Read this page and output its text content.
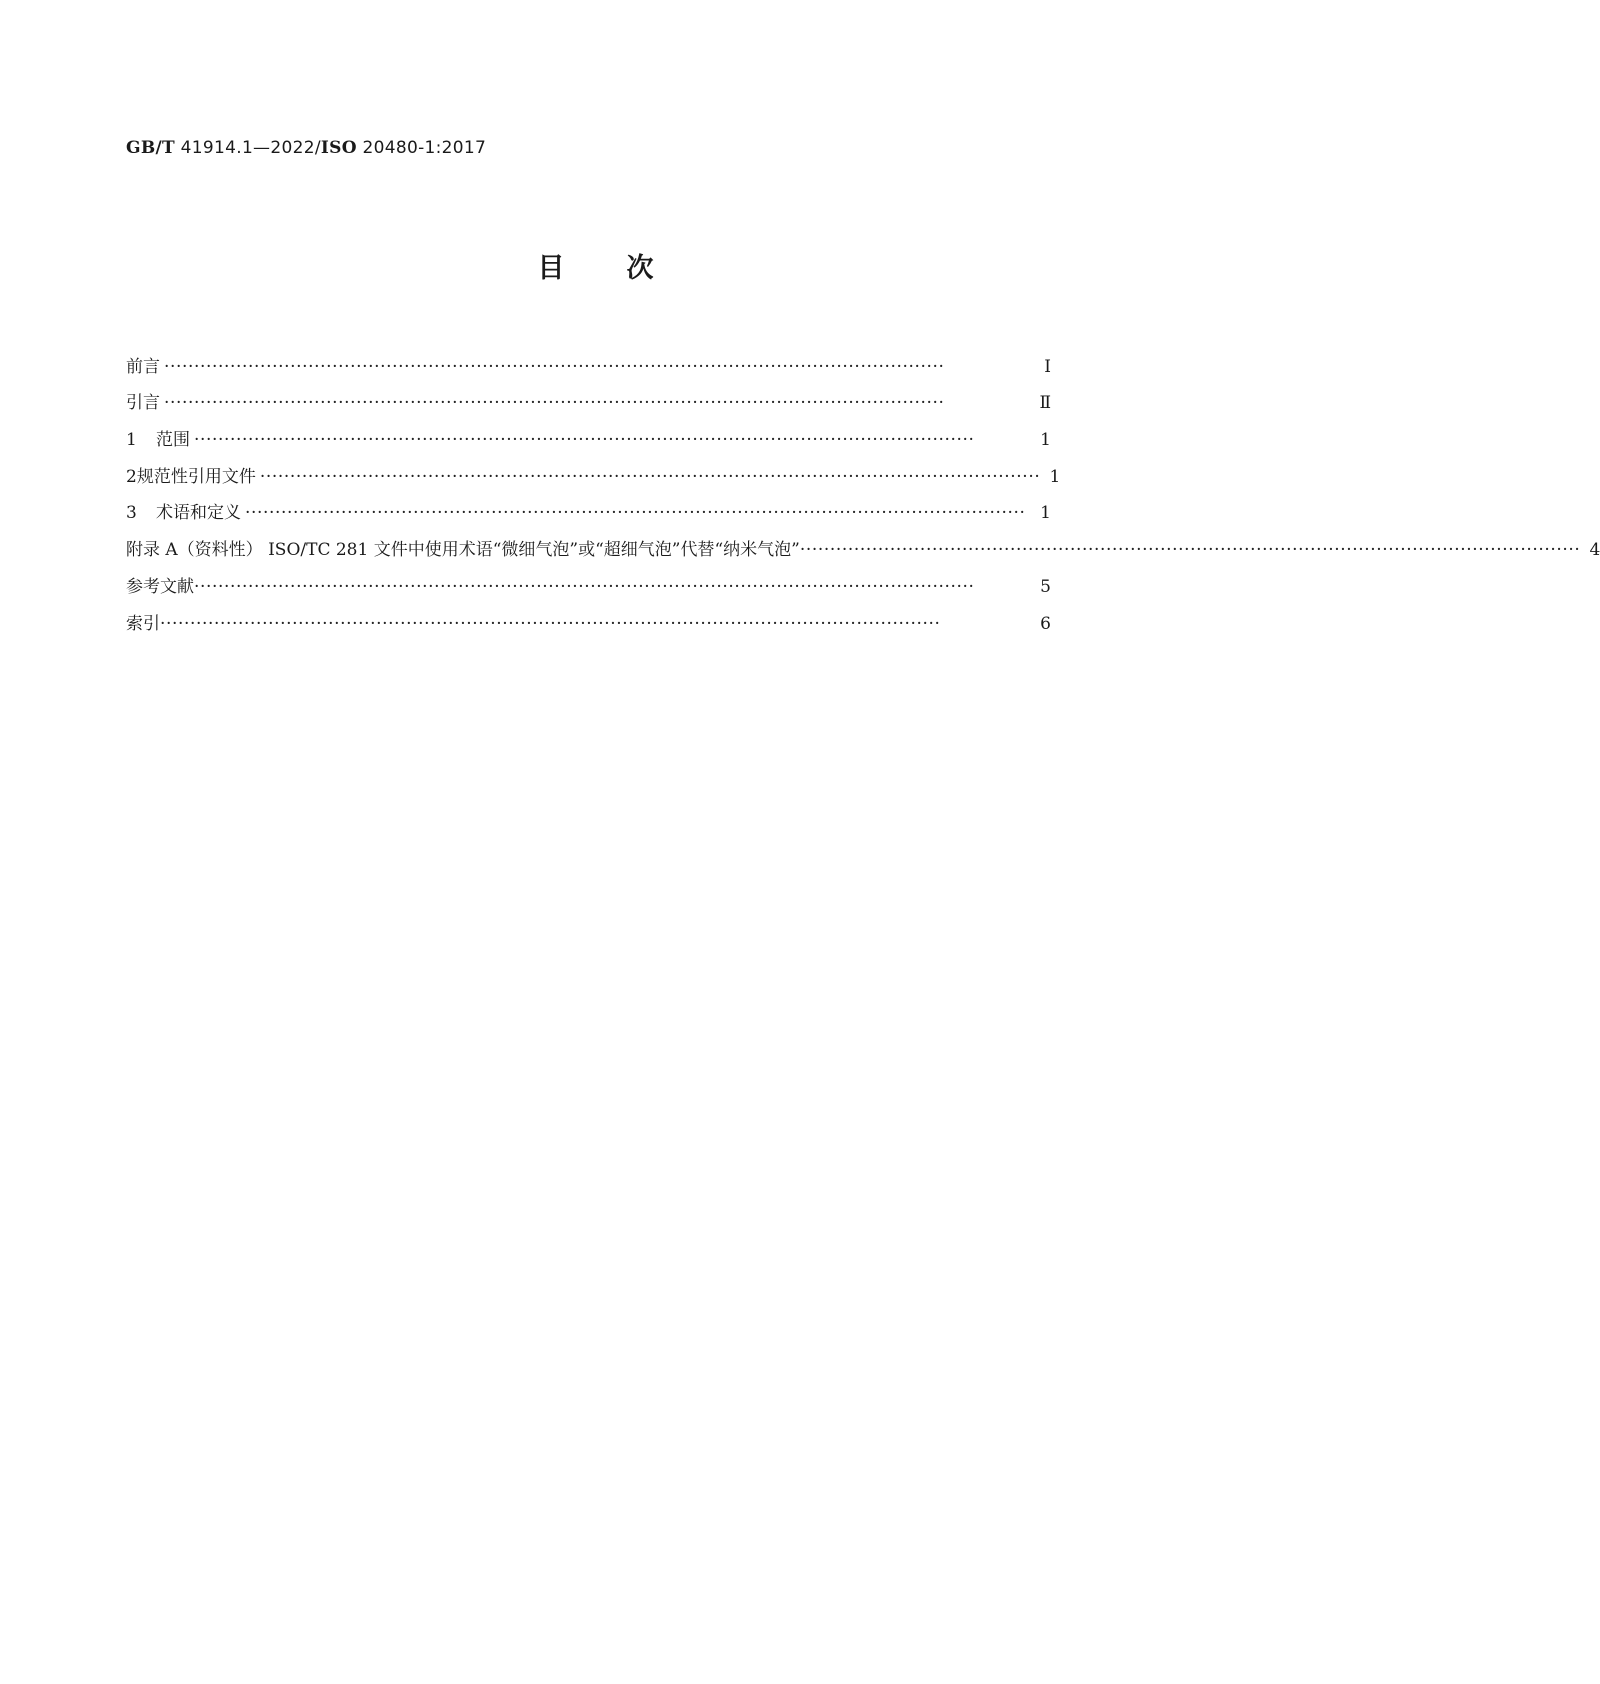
GB/T 41914.1—2022/ISO 20480-1:2017
目次
前言 ··································································································································	Ⅰ
引言 ··································································································································	Ⅱ
1	范围 ··································································································································	1
2 规范性引用文件 ·································································································································· 1
3	术语和定义 ·································································································································· 1
附录 A（资料性） ISO/TC 281 文件中使用术语“微细气泡”或“超细气泡”代替“纳米气泡” ·································································································································· 4
参考文献 ··································································································································	5
索引 ··································································································································	6
